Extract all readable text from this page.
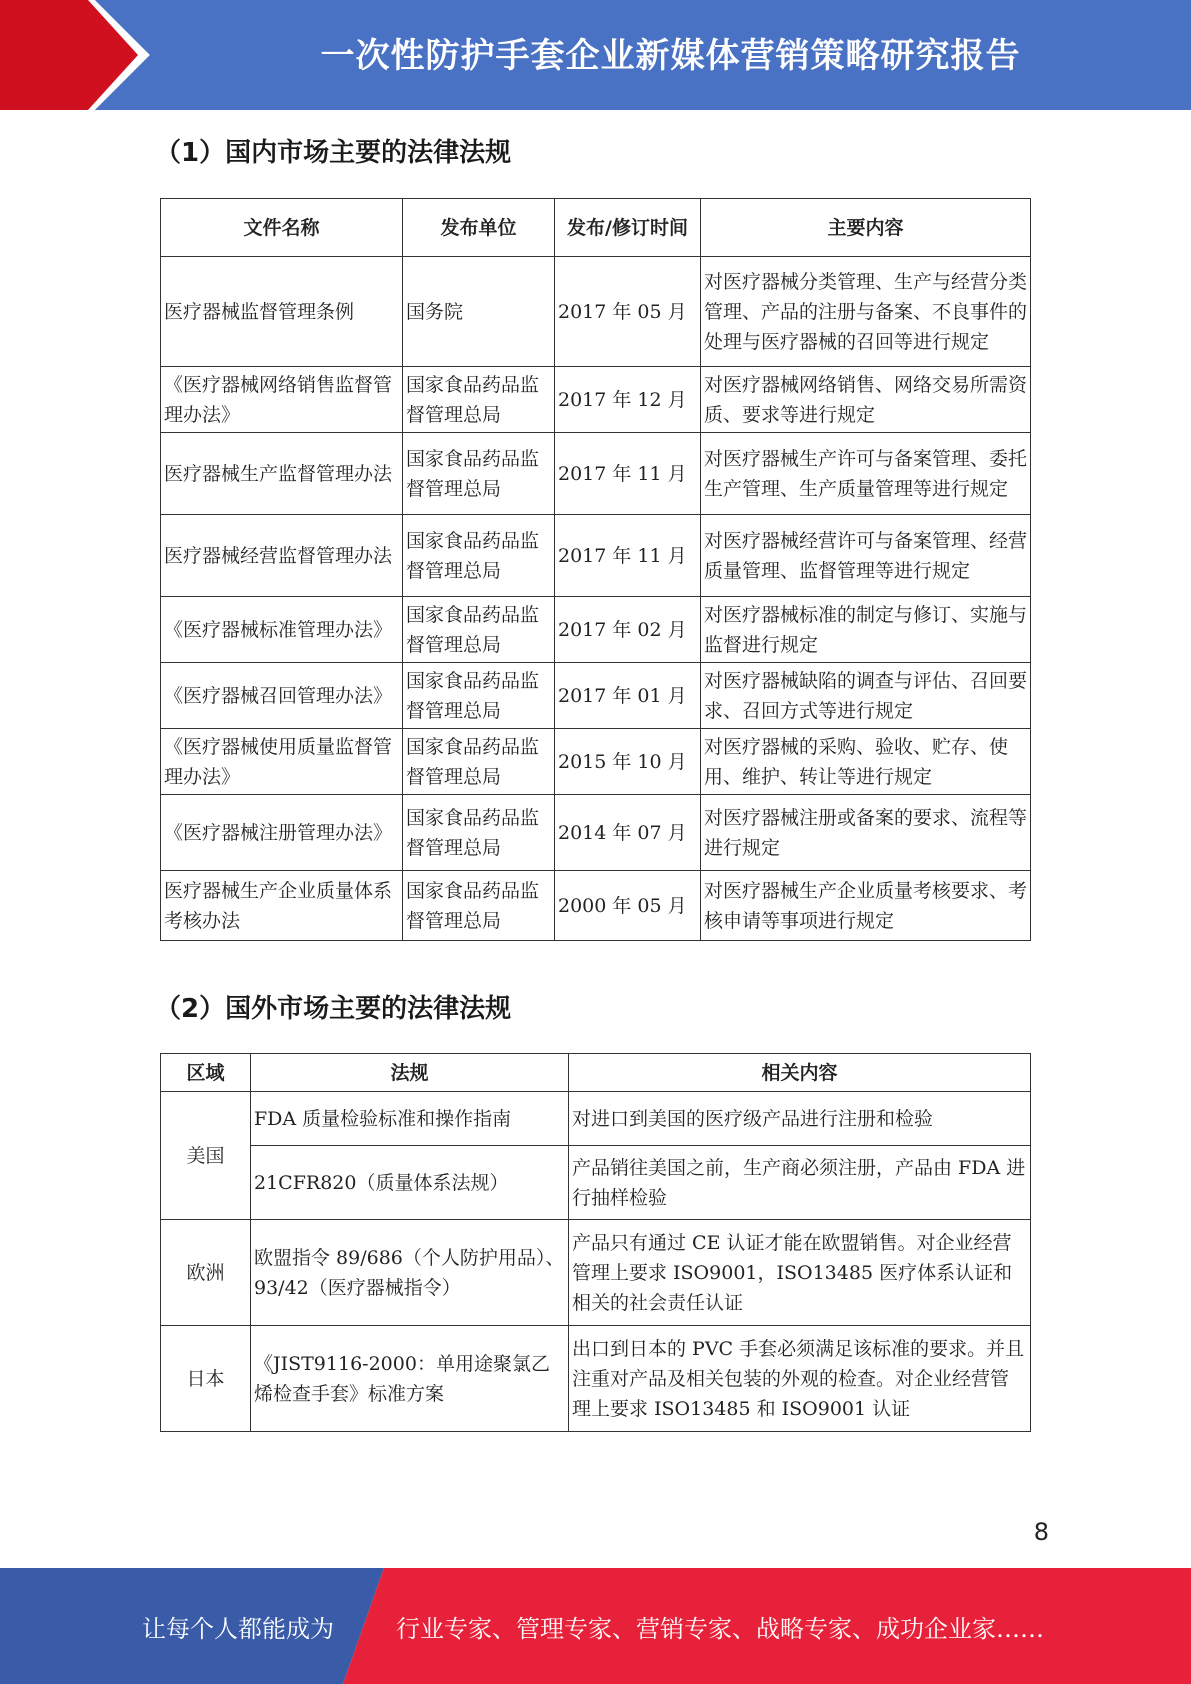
一次性防护手套企业新媒体营销策略研究报告
（1）国内市场主要的法律法规
文件名称	发布单位	发布/修订时间	主要内容

医疗器械监督管理条例	国务院	2017 年 05 月	对医疗器械分类管理、生产与经营分类管理、产品的注册与备案、不良事件的处理与医疗器械的召回等进行规定

《医疗器械网络销售监督管理办法》	国家食品药品监督管理总局	2017 年 12 月	对医疗器械网络销售、网络交易所需资质、要求等进行规定

医疗器械生产监督管理办法	国家食品药品监督管理总局	2017 年 11 月	对医疗器械生产许可与备案管理、委托生产管理、生产质量管理等进行规定

医疗器械经营监督管理办法	国家食品药品监督管理总局	2017 年 11 月	对医疗器械经营许可与备案管理、经营质量管理、监督管理等进行规定

《医疗器械标准管理办法》	国家食品药品监督管理总局	2017 年 02 月	对医疗器械标准的制定与修订、实施与监督进行规定

《医疗器械召回管理办法》	国家食品药品监督管理总局	2017 年 01 月	对医疗器械缺陷的调查与评估、召回要求、召回方式等进行规定

《医疗器械使用质量监督管理办法》	国家食品药品监督管理总局	2015 年 10 月	对医疗器械的采购、验收、贮存、使用、维护、转让等进行规定

《医疗器械注册管理办法》	国家食品药品监督管理总局	2014 年 07 月	对医疗器械注册或备案的要求、流程等进行规定

医疗器械生产企业质量体系考核办法	国家食品药品监督管理总局	2000 年 05 月	对医疗器械生产企业质量考核要求、考核申请等事项进行规定
（2）国外市场主要的法律法规
区域	法规	相关内容
美国	FDA 质量检验标准和操作指南	对进口到美国的医疗级产品进行注册和检验
	21CFR820（质量体系法规）	产品销往美国之前，生产商必须注册，产品由 FDA 进行抽样检验
欧洲	欧盟指令 89/686（个人防护用品）、93/42（医疗器械指令）	产品只有通过 CE 认证才能在欧盟销售。对企业经营管理上要求 ISO9001，ISO13485 医疗体系认证和相关的社会责任认证
日本	《JIST9116-2000：单用途聚氯乙烯检查手套》标准方案	出口到日本的 PVC 手套必须满足该标准的要求。并且注重对产品及相关包装的外观的检查。对企业经营管理上要求 ISO13485 和 ISO9001 认证
8
让每个人都能成为	行业专家、管理专家、营销专家、战略专家、成功企业家……
